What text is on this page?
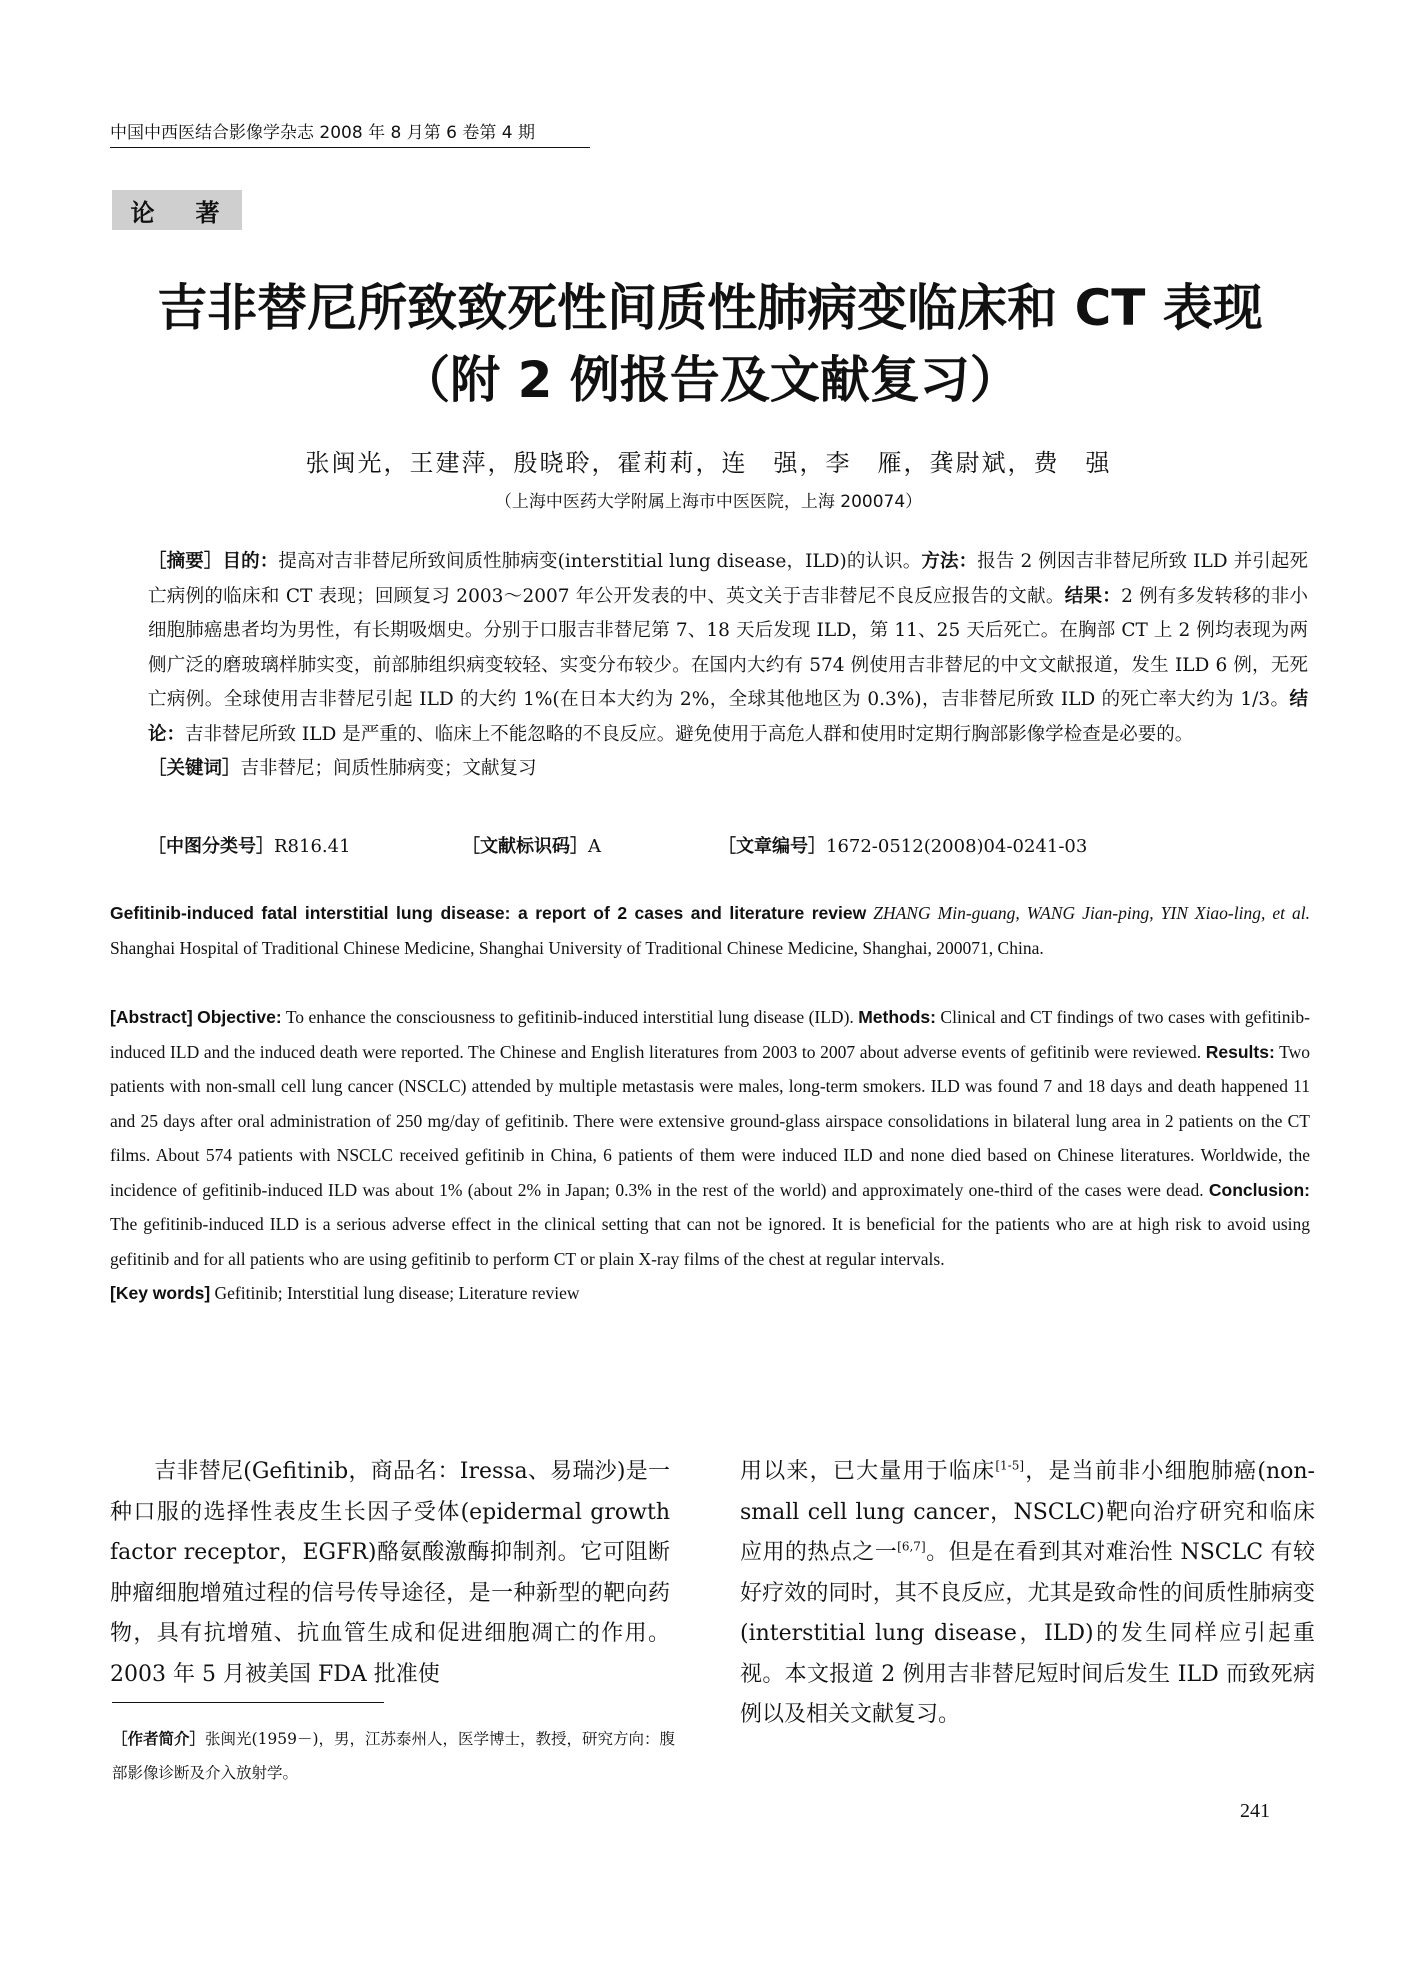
中国中西医结合影像学杂志 2008 年 8 月第 6 卷第 4 期
论 著
吉非替尼所致致死性间质性肺病变临床和 CT 表现
（附 2 例报告及文献复习）
张闽光，王建萍，殷晓聆，霍莉莉，连　强，李　雁，龚尉斌，费　强
（上海中医药大学附属上海市中医医院，上海 200074）
［摘要］目的：提高对吉非替尼所致间质性肺病变(interstitial lung disease，ILD)的认识。方法：报告 2 例因吉非替尼所致 ILD 并引起死亡病例的临床和 CT 表现；回顾复习 2003～2007 年公开发表的中、英文关于吉非替尼不良反应报告的文献。结果：2 例有多发转移的非小细胞肺癌患者均为男性，有长期吸烟史。分别于口服吉非替尼第 7、18 天后发现 ILD，第 11、25 天后死亡。在胸部 CT 上 2 例均表现为两侧广泛的磨玻璃样肺实变，前部肺组织病变较轻、实变分布较少。在国内大约有 574 例使用吉非替尼的中文文献报道，发生 ILD 6 例，无死亡病例。全球使用吉非替尼引起 ILD 的大约 1%(在日本大约为 2%，全球其他地区为 0.3%)，吉非替尼所致 ILD 的死亡率大约为 1/3。结论：吉非替尼所致 ILD 是严重的、临床上不能忽略的不良反应。避免使用于高危人群和使用时定期行胸部影像学检查是必要的。
［关键词］吉非替尼；间质性肺病变；文献复习
［中图分类号］R816.41	［文献标识码］A	［文章编号］1672-0512(2008)04-0241-03
Gefitinib-induced fatal interstitial lung disease: a report of 2 cases and literature review ZHANG Min-guang, WANG Jian-ping, YIN Xiao-ling, et al. Shanghai Hospital of Traditional Chinese Medicine, Shanghai University of Traditional Chinese Medicine, Shanghai, 200071, China.
[Abstract] Objective: To enhance the consciousness to gefitinib-induced interstitial lung disease (ILD). Methods: Clinical and CT findings of two cases with gefitinib-induced ILD and the induced death were reported. The Chinese and English literatures from 2003 to 2007 about adverse events of gefitinib were reviewed. Results: Two patients with non-small cell lung cancer (NSCLC) attended by multiple metastasis were males, long-term smokers. ILD was found 7 and 18 days and death happened 11 and 25 days after oral administration of 250 mg/day of gefitinib. There were extensive ground-glass airspace consolidations in bilateral lung area in 2 patients on the CT films. About 574 patients with NSCLC received gefitinib in China, 6 patients of them were induced ILD and none died based on Chinese literatures. Worldwide, the incidence of gefitinib-induced ILD was about 1% (about 2% in Japan; 0.3% in the rest of the world) and approximately one-third of the cases were dead. Conclusion: The gefitinib-induced ILD is a serious adverse effect in the clinical setting that can not be ignored. It is beneficial for the patients who are at high risk to avoid using gefitinib and for all patients who are using gefitinib to perform CT or plain X-ray films of the chest at regular intervals.
[Key words] Gefitinib; Interstitial lung disease; Literature review
吉非替尼(Gefitinib，商品名：Iressa、易瑞沙)是一种口服的选择性表皮生长因子受体(epidermal growth factor receptor，EGFR)酪氨酸激酶抑制剂。它可阻断肿瘤细胞增殖过程的信号传导途径，是一种新型的靶向药物，具有抗增殖、抗血管生成和促进细胞凋亡的作用。2003 年 5 月被美国 FDA 批准使
用以来，已大量用于临床[1-5]，是当前非小细胞肺癌(non-small cell lung cancer，NSCLC)靶向治疗研究和临床应用的热点之一[6,7]。但是在看到其对难治性 NSCLC 有较好疗效的同时，其不良反应，尤其是致命性的间质性肺病变(interstitial lung disease，ILD)的发生同样应引起重视。本文报道 2 例用吉非替尼短时间后发生 ILD 而致死病例以及相关文献复习。
［作者简介］张闽光(1959－)，男，江苏泰州人，医学博士，教授，研究方向：腹部影像诊断及介入放射学。
241
